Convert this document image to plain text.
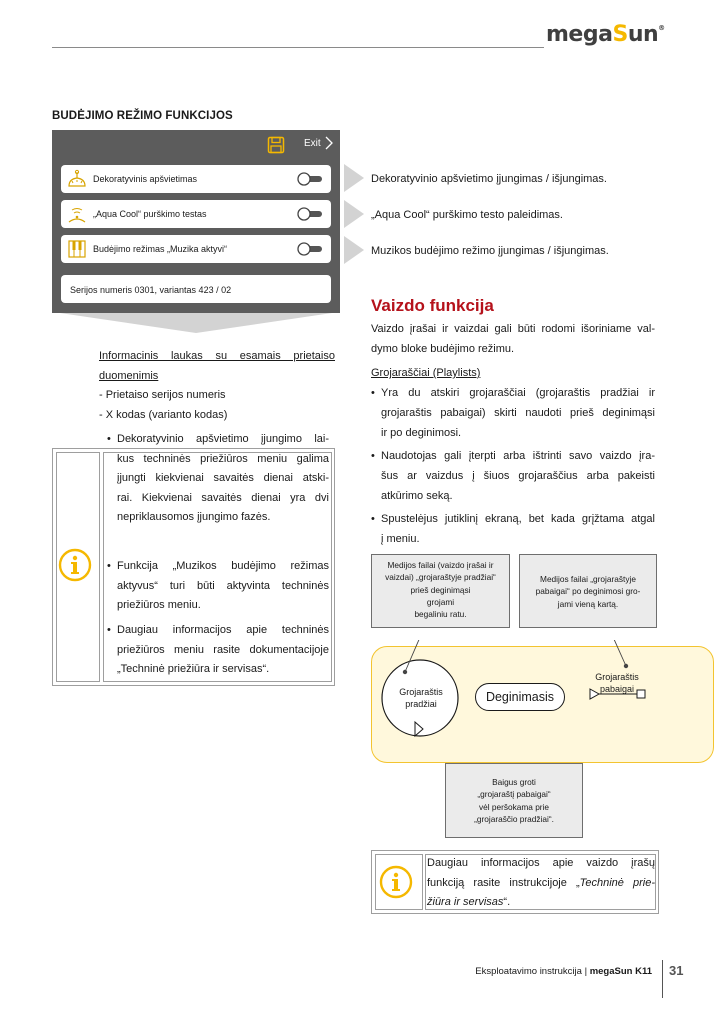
megaSun®
BUDĖJIMO REŽIMO FUNKCIJOS
Exit
Dekoratyvinis apšvietimas
„Aqua Cool“ purškimo testas
Budėjimo režimas „Muzika aktyvi“
Serijos numeris 0301, variantas 423 / 02
Dekoratyvinio apšvietimo įjungimas / išjungimas.
„Aqua Cool“ purškimo testo paleidimas.
Muzikos budėjimo režimo įjungimas / išjungimas.
Informacinis laukas su esamais prietaiso
duomenimis
- Prietaiso serijos numeris
- X kodas (varianto kodas)
• Dekoratyvinio apšvietimo įjungimo lai-
kus techninės priežiūros meniu galima
įjungti kiekvienai savaitės dienai atski-
rai. Kiekvienai savaitės dienai yra dvi
nepriklausomos įjungimo fazės.
• Funkcija „Muzikos budėjimo režimas
aktyvus“ turi būti aktyvinta techninės
priežiūros meniu.
• Daugiau informacijos apie techninės
priežiūros meniu rasite dokumentacijoje
„Techninė priežiūra ir servisas“.
Vaizdo funkcija
Vaizdo įrašai ir vaizdai gali būti rodomi išoriniame val-
dymo bloke budėjimo režimu.
Grojaraščiai (Playlists)
• Yra du atskiri grojaraščiai (grojaraštis pradžiai ir
grojaraštis pabaigai) skirti naudoti prieš deginimąsi
ir po deginimosi.
• Naudotojas gali įterpti arba ištrinti savo vaizdo įra-
šus ar vaizdus į šiuos grojaraščius arba pakeisti
atkūrimo seką.
• Spustelėjus jutiklinį ekraną, bet kada grįžtama atgal
į meniu.
Medijos failai (vaizdo įrašai ir
vaizdai) „grojaraštyje pradžiai“
prieš deginimąsi
grojami
begaliniu ratu.
Medijos failai „grojaraštyje
pabaigai“ po deginimosi gro-
jami vieną kartą.
Grojaraštis
pradžiai	Deginimasis
Grojaraštis
pabaigai
Baigus groti
„grojaraštį pabaigai“
vėl peršokama prie
„grojaraščio pradžiai“.
Daugiau informacijos apie vaizdo įrašų
funkciją rasite instrukcijoje „Techninė prie-
žiūra ir servisas“.
Eksploatavimo instrukcija | megaSun K11 31
